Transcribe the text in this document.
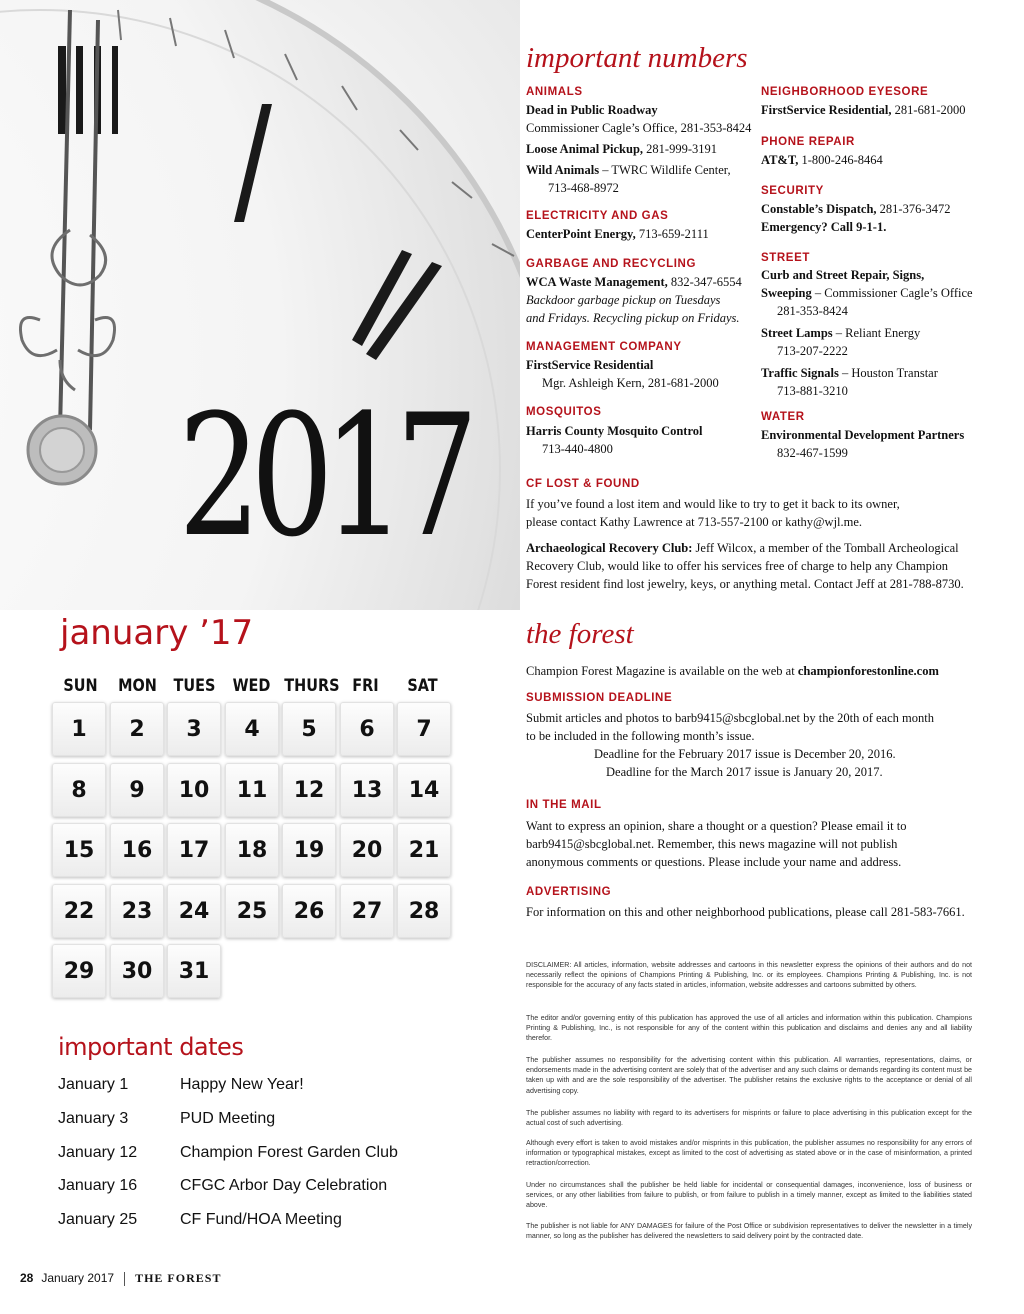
2017
january ’17
SUN	MON TUES	WED THURS FRI	SAT
1	2	3	4	5	6	7
8	9	10	11	12	13	14
15	16	17	18	19	20	21
22	23	24	25	26	27	28
29	30	31
important dates
January 1	Happy New Year!
January 3	PUD Meeting
January 12	Champion Forest Garden Club
January 16	CFGC Arbor Day Celebration
January 25	CF Fund/HOA Meeting
28 January 2017 THE FOREST
important numbers
ANIMALS
Dead in Public Roadway
Commissioner Cagle’s Office, 281-353-8424
Loose Animal Pickup, 281-999-3191
Wild Animals – TWRC Wildlife Center,
713-468-8972
ELECTRICITY AND GAS
CenterPoint Energy, 713-659-2111
GARBAGE AND RECYCLING
WCA Waste Management, 832-347-6554
Backdoor garbage pickup on Tuesdays
and Fridays. Recycling pickup on Fridays.
MANAGEMENT COMPANY
FirstService Residential
Mgr. Ashleigh Kern, 281-681-2000
MOSQUITOS
Harris County Mosquito Control
713-440-4800
NEIGHBORHOOD EYESORE
FirstService Residential, 281-681-2000
PHONE REPAIR
AT&T, 1-800-246-8464
SECURITY
Constable’s Dispatch, 281-376-3472
Emergency? Call 9-1-1.
STREET
Curb and Street Repair, Signs,
Sweeping – Commissioner Cagle’s Office
281-353-8424
Street Lamps – Reliant Energy
713-207-2222
Traffic Signals – Houston Transtar
713-881-3210
WATER
Environmental Development Partners
832-467-1599
CF LOST & FOUND
If you’ve found a lost item and would like to try to get it back to its owner,
please contact Kathy Lawrence at 713-557-2100 or kathy@wjl.me.
Archaeological Recovery Club: Jeff Wilcox, a member of the Tomball Archeological
Recovery Club, would like to offer his services free of charge to help any Champion
Forest resident find lost jewelry, keys, or anything metal. Contact Jeff at 281-788-8730.
the forest
Champion Forest Magazine is available on the web at championforestonline.com
SUBMISSION DEADLINE
Submit articles and photos to barb9415@sbcglobal.net by the 20th of each month
to be included in the following month’s issue.
Deadline for the February 2017 issue is December 20, 2016.
Deadline for the March 2017 issue is January 20, 2017.
IN THE MAIL
Want to express an opinion, share a thought or a question? Please email it to
barb9415@sbcglobal.net. Remember, this news magazine will not publish
anonymous comments or questions. Please include your name and address.
ADVERTISING
For information on this and other neighborhood publications, please call 281-583-7661.
DISCLAIMER: All articles, information, website addresses and cartoons in this newsletter express the opinions of their authors and do not necessarily reflect the opinions of Champions Printing & Publishing, Inc. or its employees. Champions Printing & Publishing, Inc. is not responsible for the accuracy of any facts stated in articles, information, website addresses and cartoons submitted by others.
The editor and/or governing entity of this publication has approved the use of all articles and information within this publication. Champions Printing & Publishing, Inc., is not responsible for any of the content within this publication and disclaims and denies any and all liability therefor.
The publisher assumes no responsibility for the advertising content within this publication. All warranties, representations, claims, or endorsements made in the advertising content are solely that of the advertiser and any such claims or demands regarding its content must be taken up with and are the sole responsibility of the advertiser. The publisher retains the exclusive rights to the acceptance or denial of all advertising copy.
The publisher assumes no liability with regard to its advertisers for misprints or failure to place advertising in this publication except for the actual cost of such advertising.
Although every effort is taken to avoid mistakes and/or misprints in this publication, the publisher assumes no responsibility for any errors of information or typographical mistakes, except as limited to the cost of advertising as stated above or in the case of misinformation, a printed retraction/correction.
Under no circumstances shall the publisher be held liable for incidental or consequential damages, inconvenience, loss of business or services, or any other liabilities from failure to publish, or from failure to publish in a timely manner, except as limited to the liabilities stated above.
The publisher is not liable for ANY DAMAGES for failure of the Post Office or subdivision representatives to deliver the newsletter in a timely manner, so long as the publisher has delivered the newsletters to said delivery point by the contracted date.
